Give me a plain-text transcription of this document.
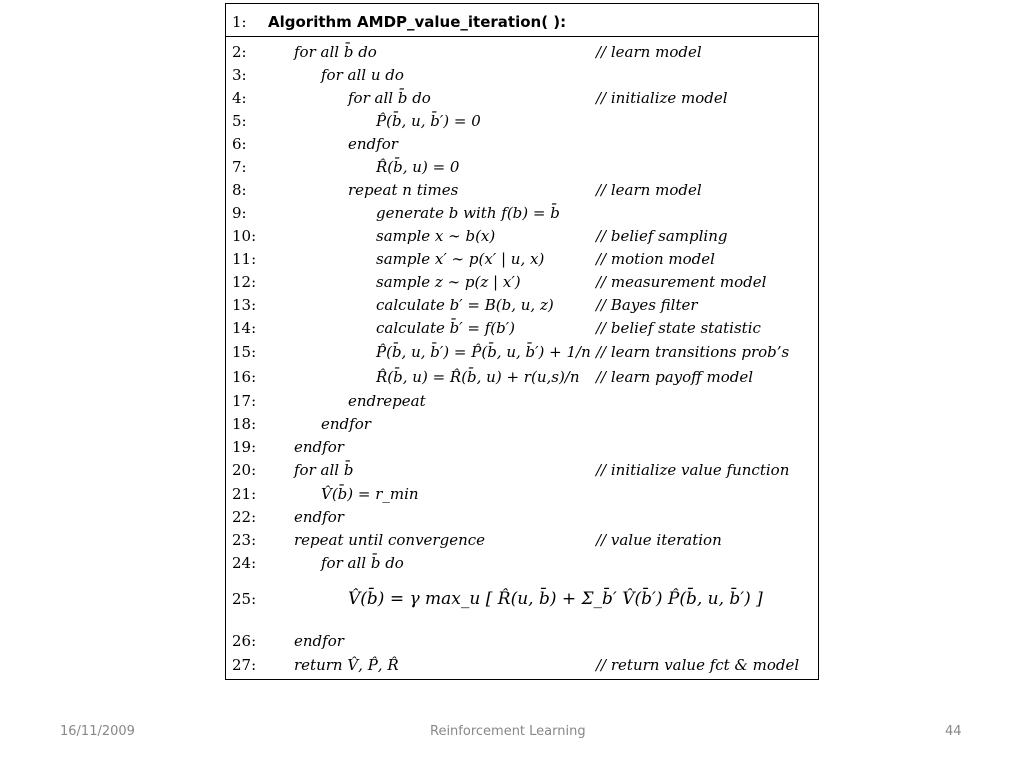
1: Algorithm AMDP_value_iteration( ):
2:	for all b̄ do	// learn model
3:	for all u do
4:	for all b̄ do	// initialize model
5:	P̂(b̄, u, b̄′) = 0
6:	endfor
7:	R̂(b̄, u) = 0
8:	repeat n times	// learn model
9:	generate b with f(b) = b̄
10:	sample x ∼ b(x)	// belief sampling
11:	sample x′ ∼ p(x′ | u, x)	// motion model
12:	sample z ∼ p(z | x′)	// measurement model
13:	calculate b′ = B(b, u, z)	// Bayes filter
14:	calculate b̄′ = f(b′)	// belief state statistic
15:	P̂(b̄, u, b̄′) = P̂(b̄, u, b̄′) + 1/n // learn transitions prob’s
16:	R̂(b̄, u) = R̂(b̄, u) + r(u,s)/n // learn payoff model
17:	endrepeat
18:	endfor
19:	endfor
20:	for all b̄	// initialize value function
21:	V̂(b̄) = r_min
22:	endfor
23:	repeat until convergence	// value iteration
24:	for all b̄ do
25:	V̂(b̄) = γ max_u [ R̂(u, b̄) + Σ_b̄′ V̂(b̄′) P̂(b̄, u, b̄′) ]
26:	endfor
27:	return V̂, P̂, R̂	// return value fct & model
16/11/2009	Reinforcement Learning	44
